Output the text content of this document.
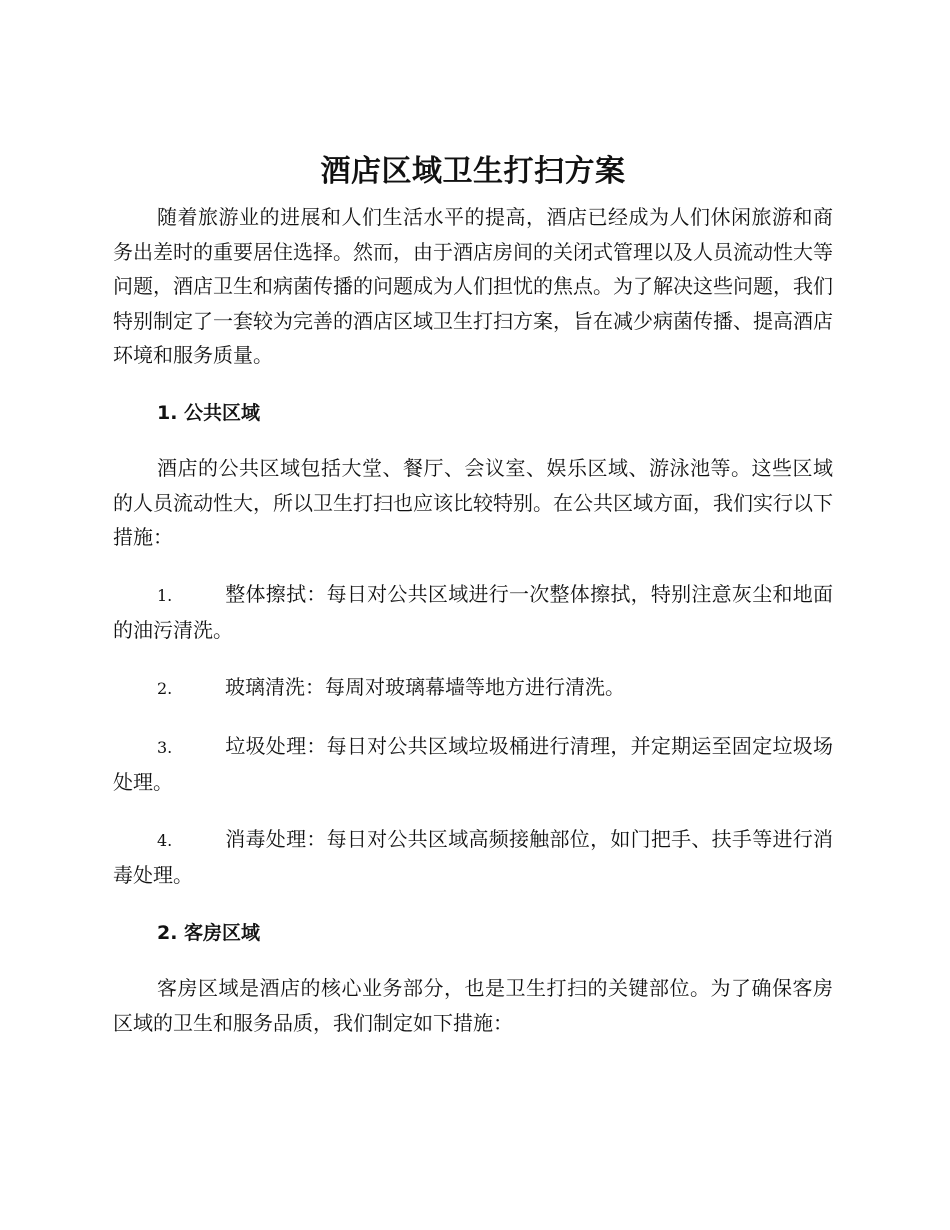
酒店区域卫生打扫方案

随着旅游业的进展和人们生活水平的提高，酒店已经成为人们休闲旅游和商务出差时的重要居住选择。然而，由于酒店房间的关闭式管理以及人员流动性大等问题，酒店卫生和病菌传播的问题成为人们担忧的焦点。为了解决这些问题，我们特别制定了一套较为完善的酒店区域卫生打扫方案，旨在减少病菌传播、提高酒店环境和服务质量。

1. 公共区域

酒店的公共区域包括大堂、餐厅、会议室、娱乐区域、游泳池等。这些区域的人员流动性大，所以卫生打扫也应该比较特别。在公共区域方面，我们实行以下措施：

1.	整体擦拭：每日对公共区域进行一次整体擦拭，特别注意灰尘和地面的油污清洗。

2.	玻璃清洗：每周对玻璃幕墙等地方进行清洗。

3.	垃圾处理：每日对公共区域垃圾桶进行清理，并定期运至固定垃圾场处理。

4.	消毒处理：每日对公共区域高频接触部位，如门把手、扶手等进行消毒处理。

2. 客房区域

客房区域是酒店的核心业务部分，也是卫生打扫的关键部位。为了确保客房区域的卫生和服务品质，我们制定如下措施：
